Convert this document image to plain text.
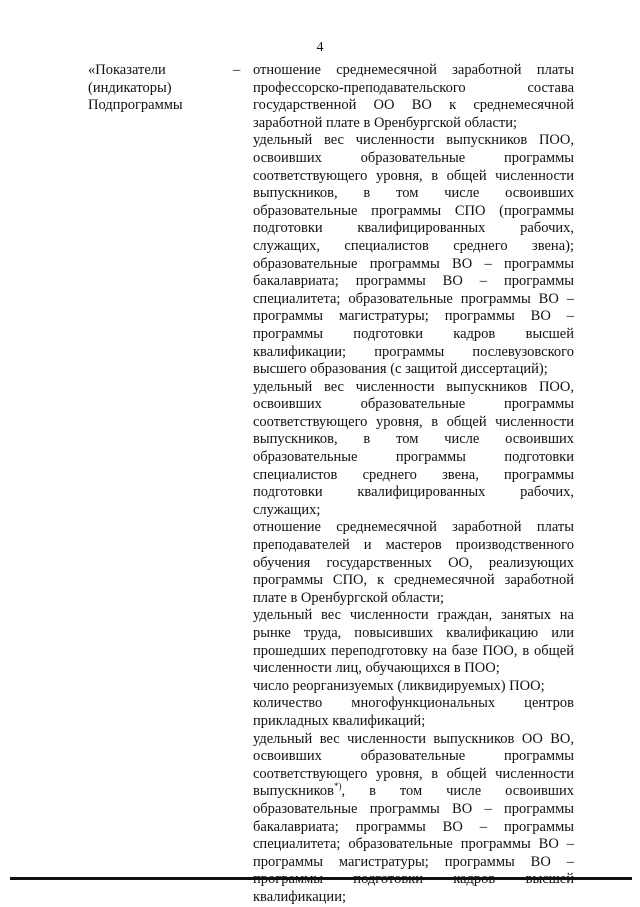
4
«Показатели
(индикаторы)
Подпрограммы
– отношение среднемесячной заработной платы профессорско-преподавательского состава государственной ОО ВО к среднемесячной заработной плате в Оренбургской области;

удельный вес численности выпускников ПОО, освоивших образовательные программы соответствующего уровня, в общей численности выпускников, в том числе освоивших образовательные программы СПО (программы подготовки квалифицированных рабочих, служащих, специалистов среднего звена); образовательные программы ВО – программы бакалавриата; программы ВО – программы специалитета; образовательные программы ВО – программы магистратуры; программы ВО – программы подготовки кадров высшей квалификации; программы послевузовского высшего образования (с защитой диссертаций);

удельный вес численности выпускников ПОО, освоивших образовательные программы соответствующего уровня, в общей численности выпускников, в том числе освоивших образовательные программы подготовки специалистов среднего звена, программы подготовки квалифицированных рабочих, служащих;

отношение среднемесячной заработной платы преподавателей и мастеров производственного обучения государственных ОО, реализующих программы СПО, к среднемесячной заработной плате в Оренбургской области;

удельный вес численности граждан, занятых на рынке труда, повысивших квалификацию или прошедших переподготовку на базе ПОО, в общей численности лиц, обучающихся в ПОО;

число реорганизуемых (ликвидируемых) ПОО;

количество многофункциональных центров прикладных квалификаций;

удельный вес численности выпускников ОО ВО, освоивших образовательные программы соответствующего уровня, в общей численности выпускников*), в том числе освоивших образовательные программы ВО – программы бакалавриата; программы ВО – программы специалитета; образовательные программы ВО – программы магистратуры; программы ВО – квалификации;
